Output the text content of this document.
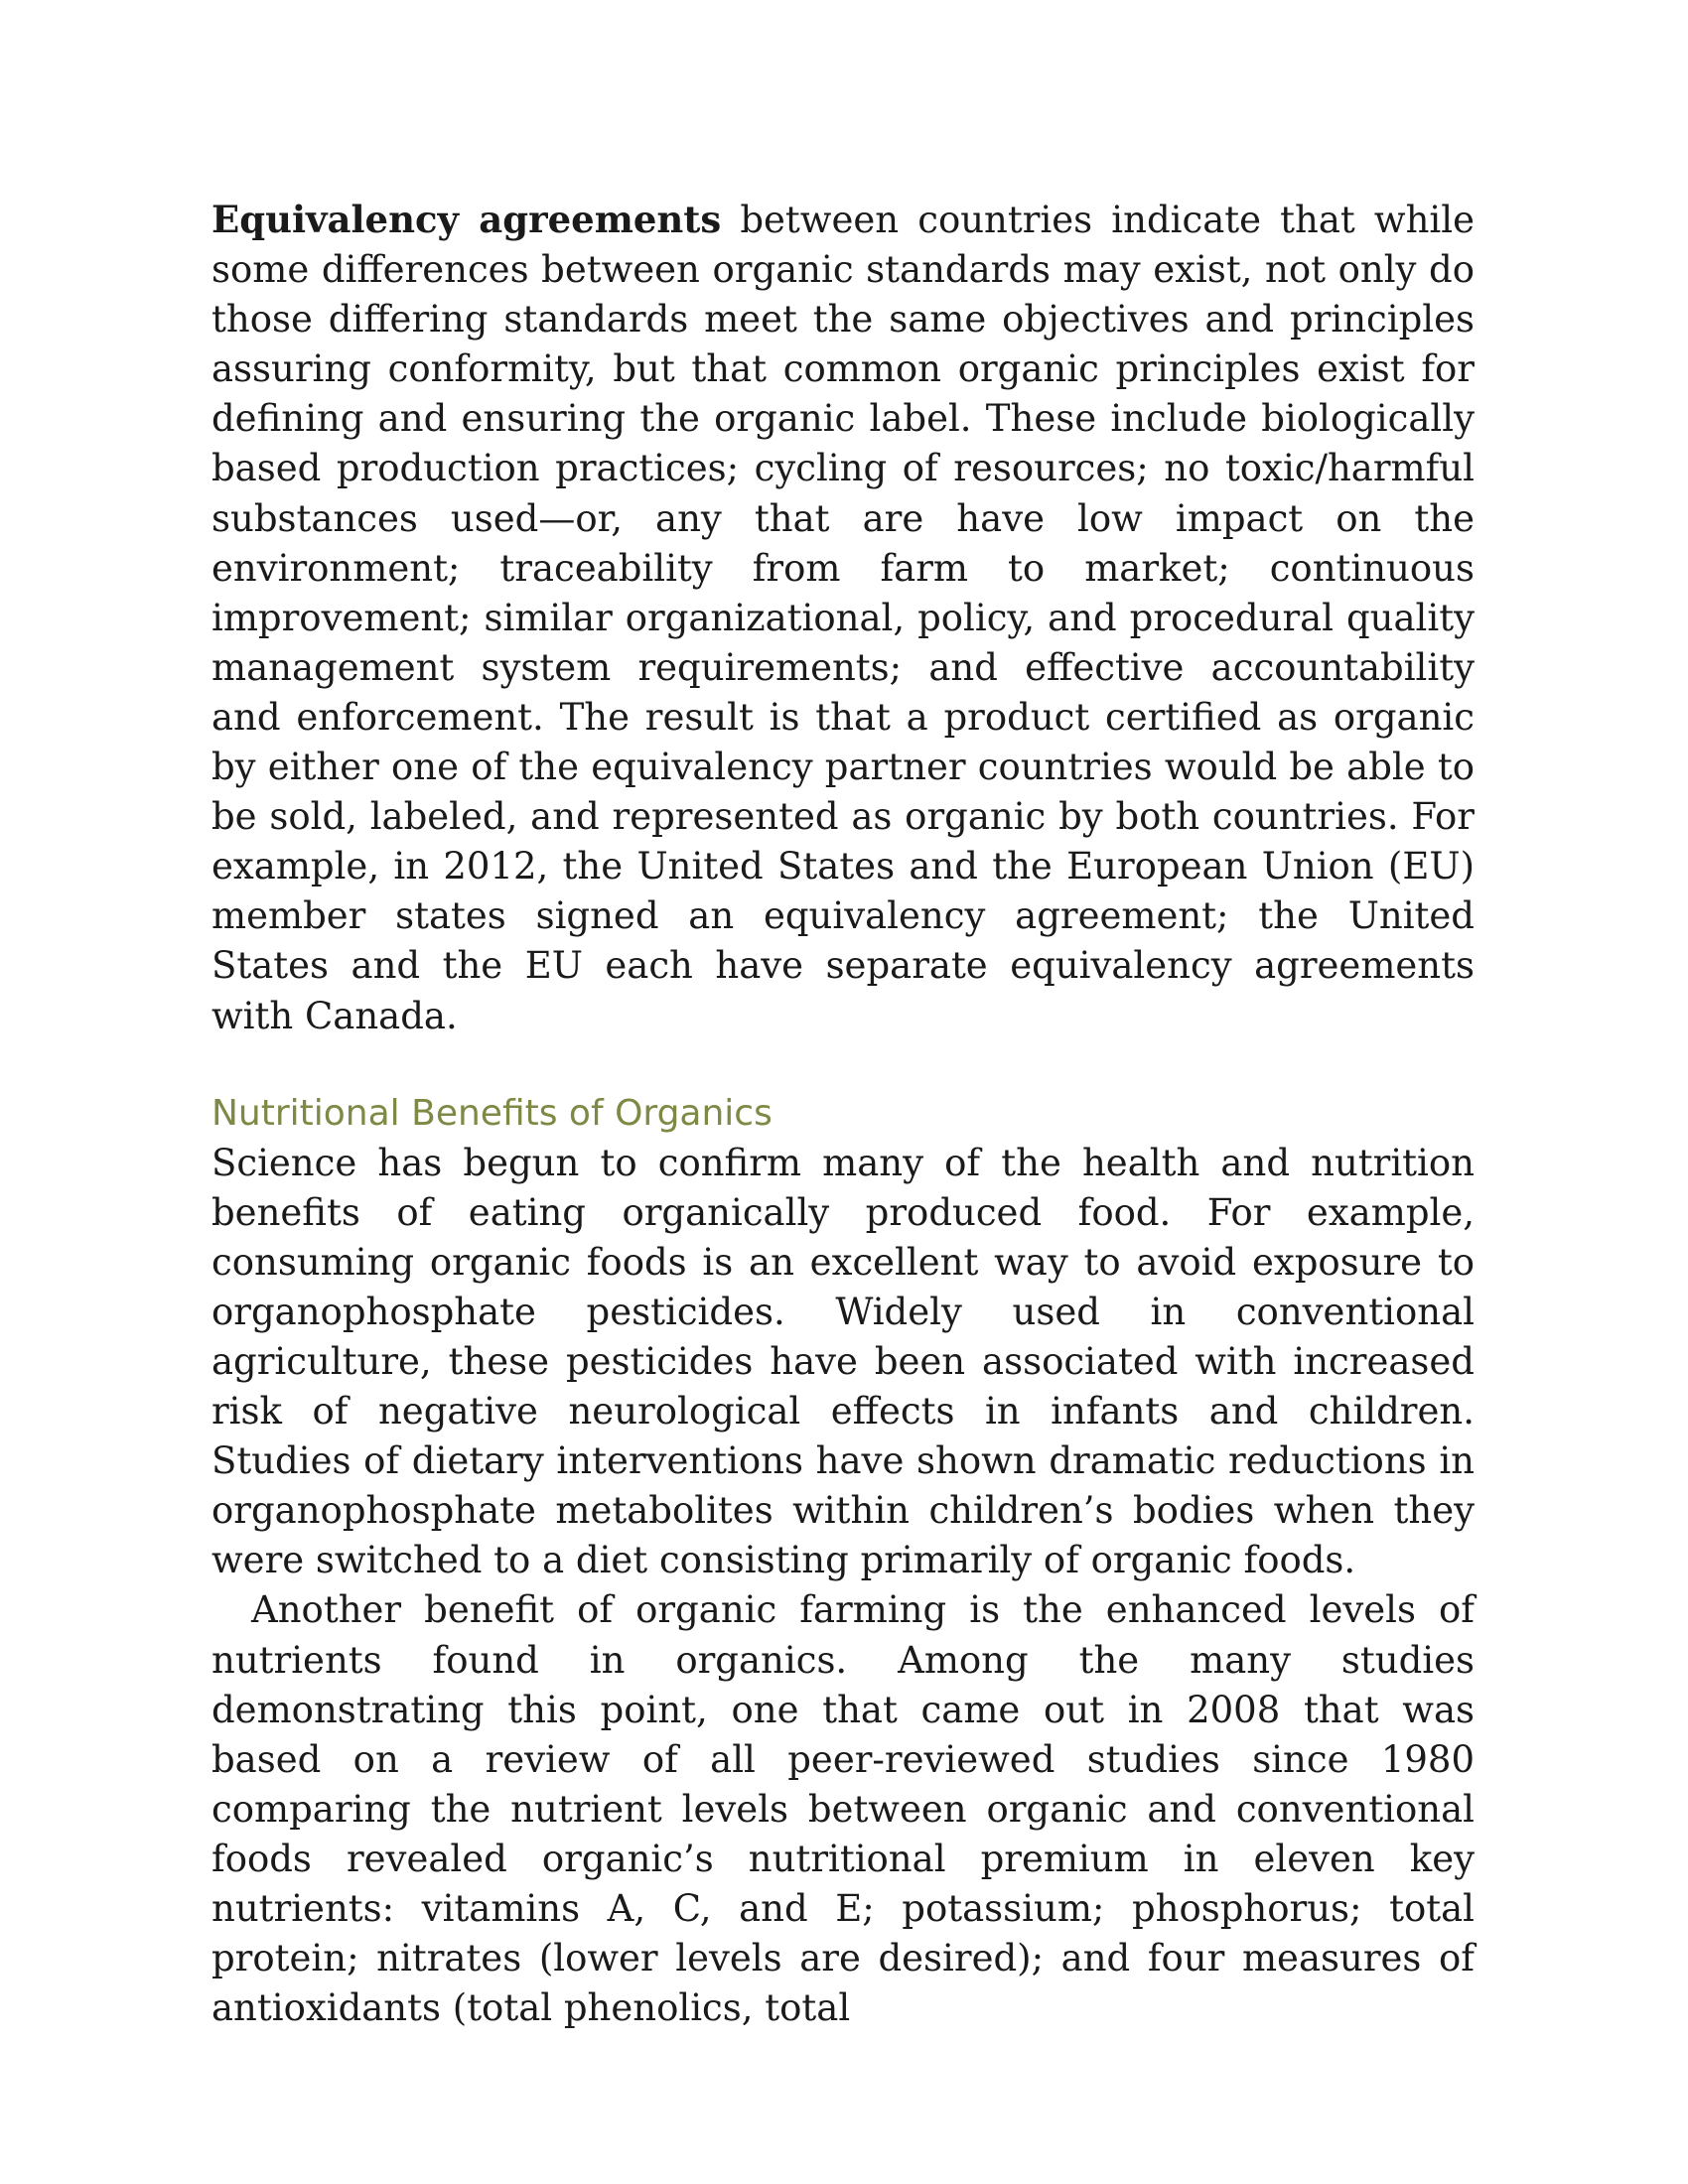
Equivalency agreements between countries indicate that while some differences between organic standards may exist, not only do those differing standards meet the same objectives and principles assuring conformity, but that common organic principles exist for defining and ensuring the organic label. These include biologically based production practices; cycling of resources; no toxic/harmful substances used—or, any that are have low impact on the environment; traceability from farm to market; continuous improvement; similar organizational, policy, and procedural quality management system requirements; and effective accountability and enforcement. The result is that a product certified as organic by either one of the equivalency partner countries would be able to be sold, labeled, and represented as organic by both countries. For example, in 2012, the United States and the European Union (EU) member states signed an equivalency agreement; the United States and the EU each have separate equivalency agreements with Canada.

Nutritional Benefits of Organics

Science has begun to confirm many of the health and nutrition benefits of eating organically produced food. For example, consuming organic foods is an excellent way to avoid exposure to organophosphate pesticides. Widely used in conventional agriculture, these pesticides have been associated with increased risk of negative neurological effects in infants and children. Studies of dietary interventions have shown dramatic reductions in organophosphate metabolites within children’s bodies when they were switched to a diet consisting primarily of organic foods.

Another benefit of organic farming is the enhanced levels of nutrients found in organics. Among the many studies demonstrating this point, one that came out in 2008 that was based on a review of all peer-reviewed studies since 1980 comparing the nutrient levels between organic and conventional foods revealed organic’s nutritional premium in eleven key nutrients: vitamins A, C, and E; potassium; phosphorus; total protein; nitrates (lower levels are desired); and four measures of antioxidants (total phenolics, total
